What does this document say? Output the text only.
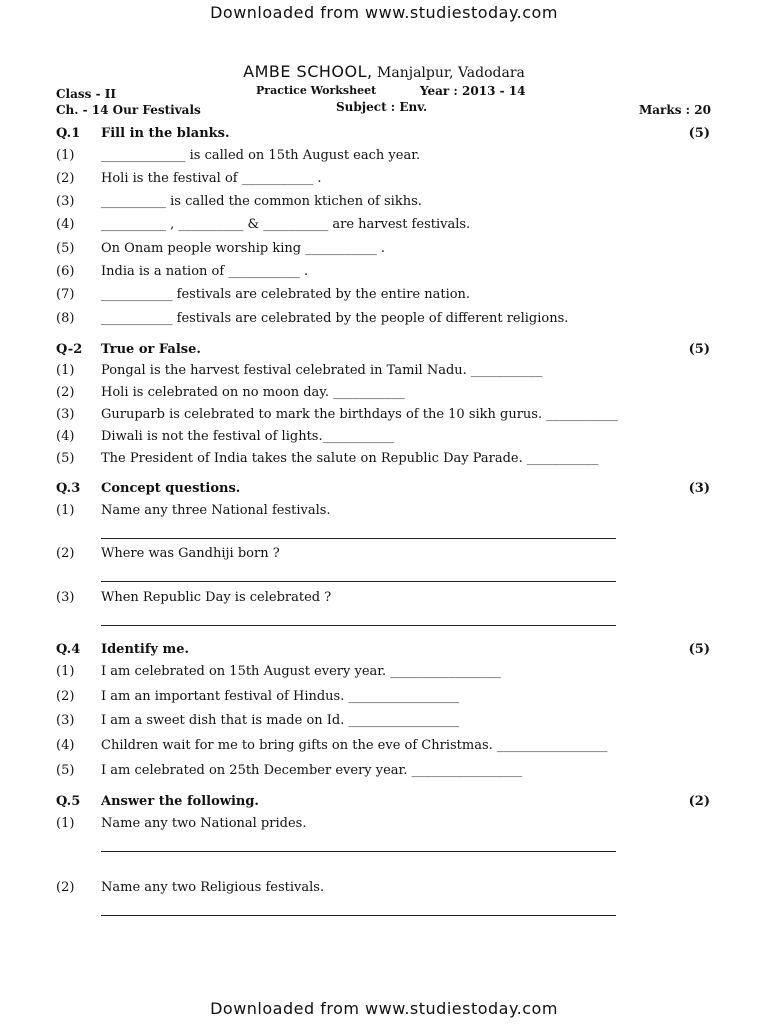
Downloaded from www.studiestoday.com
AMBE SCHOOL, Manjalpur, Vadodara
Class - II	Practice Worksheet	Year : 2013 - 14
Ch. - 14 Our Festivals	Subject : Env.	Marks : 20
Q.1 Fill in the blanks.	(5)
(1) _____________ is called on 15th August each year.
(2) Holi is the festival of ___________ .
(3) __________ is called the common ktichen of sikhs.
(4) __________ , __________ & __________ are harvest festivals.
(5) On Onam people worship king ___________ .
(6) India is a nation of ___________ .
(7) ___________ festivals are celebrated by the entire nation.
(8) ___________ festivals are celebrated by the people of different religions.
Q-2 True or False.	(5)
(1) Pongal is the harvest festival celebrated in Tamil Nadu. ___________
(2) Holi is celebrated on no moon day. ___________
(3) Guruparb is celebrated to mark the birthdays of the 10 sikh gurus. ___________
(4) Diwali is not the festival of lights.___________
(5) The President of India takes the salute on Republic Day Parade. ___________
Q.3 Concept questions.	(3)
(1) Name any three National festivals.
(2) Where was Gandhiji born ?
(3) When Republic Day is celebrated ?
Q.4 Identify me.	(5)
(1) I am celebrated on 15th August every year. _________________
(2) I am an important festival of Hindus. _________________
(3) I am a sweet dish that is made on Id. _________________
(4) Children wait for me to bring gifts on the eve of Christmas. _________________
(5) I am celebrated on 25th December every year. _________________
Q.5 Answer the following.	(2)
(1) Name any two National prides.
(2) Name any two Religious festivals.
Downloaded from www.studiestoday.com
